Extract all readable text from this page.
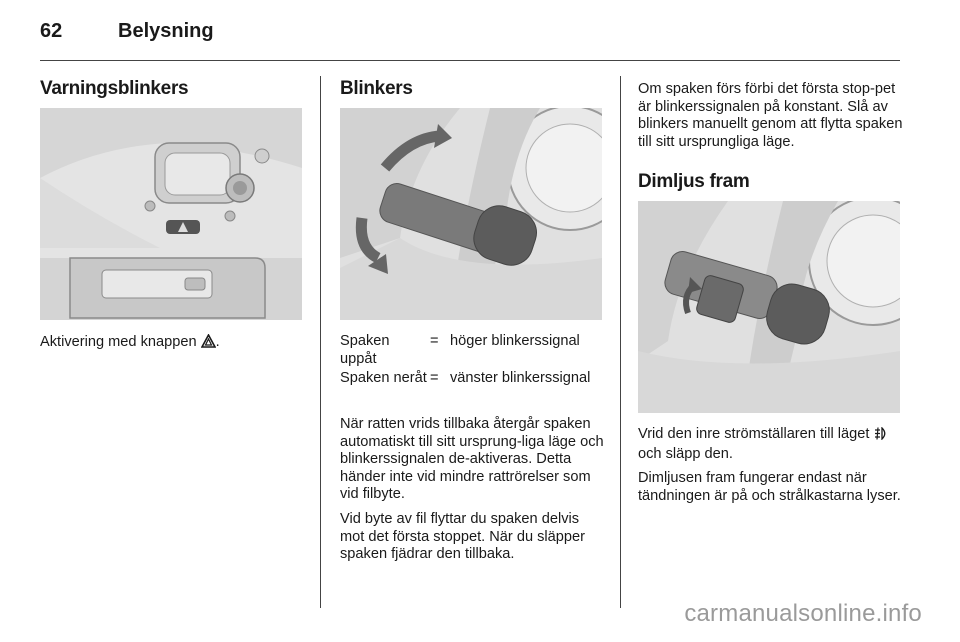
62	Belysning
Varningsblinkers
Aktivering med knappen .
Blinkers
Spaken uppåt
= höger blinkerssignal
Spaken neråt = vänster blinkerssignal

När ratten vrids tillbaka återgår spaken automatiskt till sitt ursprung-liga läge och blinkerssignalen de-aktiveras. Detta händer inte vid mindre rattrörelser som vid filbyte.

Vid byte av fil flyttar du spaken delvis mot det första stoppet. När du släpper spaken fjädrar den tillbaka.

Om spaken förs förbi det första stop-pet är blinkerssignalen på konstant. Slå av blinkers manuellt genom att flytta spaken till sitt ursprungliga läge.

Dimljus fram

Vrid den inre strömställaren till läget  och släpp den.

Dimljusen fram fungerar endast när tändningen är på och strålkastarna lyser.

carmanualsonline.info
